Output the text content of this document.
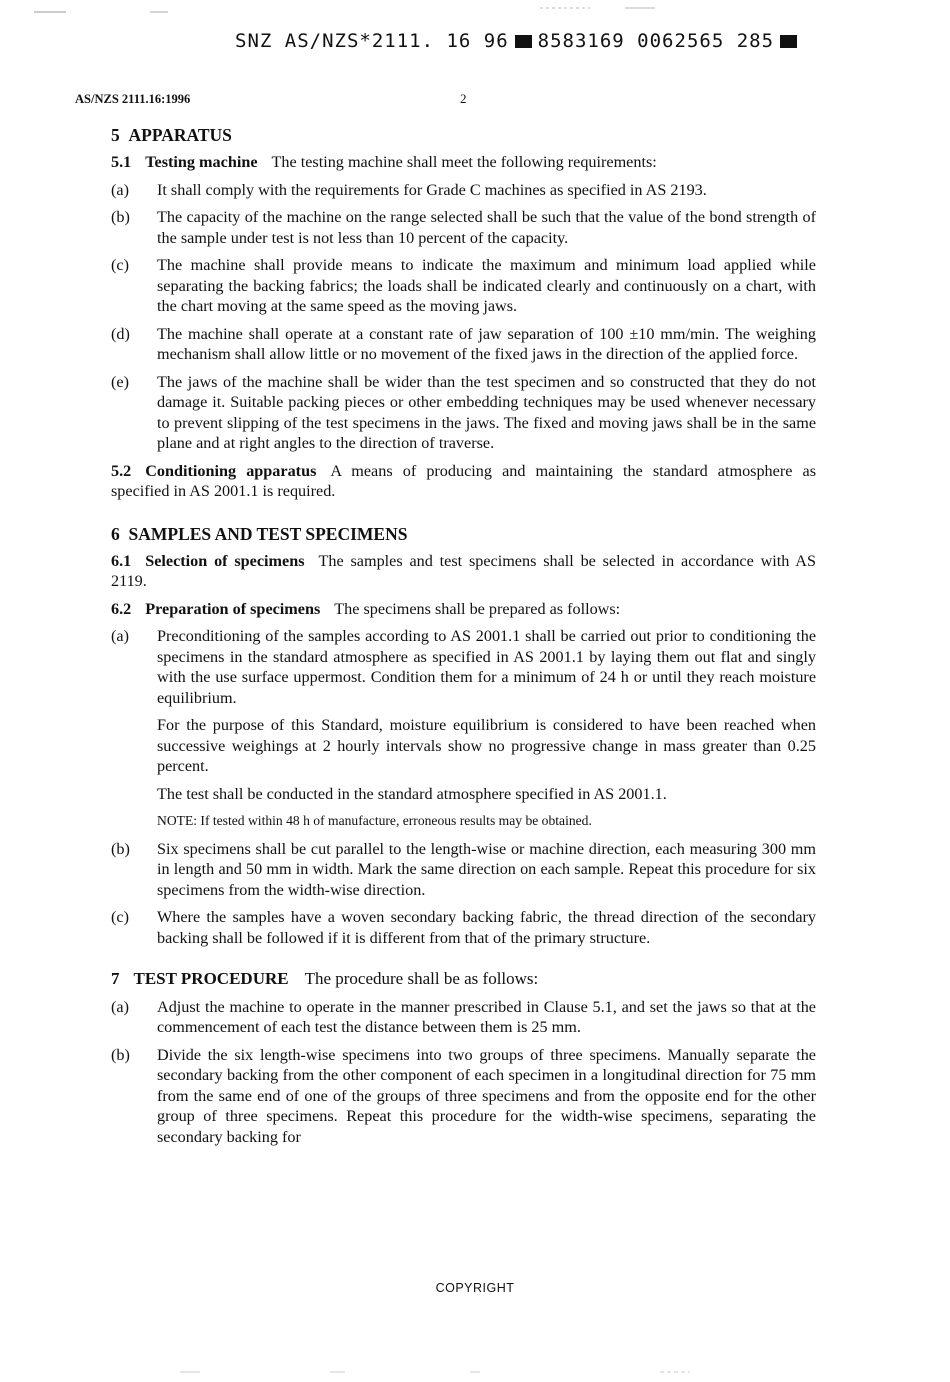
SNZ AS/NZS*2111. 16 96 8583169 0062565 285
AS/NZS 2111.16:1996	2
5 APPARATUS

5.1 Testing machine The testing machine shall meet the following requirements:

(a) It shall comply with the requirements for Grade C machines as specified in AS 2193.
(b) The capacity of the machine on the range selected shall be such that the value of the bond strength of the sample under test is not less than 10 percent of the capacity.
(c) The machine shall provide means to indicate the maximum and minimum load applied while separating the backing fabrics; the loads shall be indicated clearly and continuously on a chart, with the chart moving at the same speed as the moving jaws.
(d) The machine shall operate at a constant rate of jaw separation of 100 ±10 mm/min. The weighing mechanism shall allow little or no movement of the fixed jaws in the direction of the applied force.
(e) The jaws of the machine shall be wider than the test specimen and so constructed that they do not damage it. Suitable packing pieces or other embedding techniques may be used whenever necessary to prevent slipping of the test specimens in the jaws. The fixed and moving jaws shall be in the same plane and at right angles to the direction of traverse.

5.2 Conditioning apparatus A means of producing and maintaining the standard atmosphere as specified in AS 2001.1 is required.

6 SAMPLES AND TEST SPECIMENS

6.1 Selection of specimens The samples and test specimens shall be selected in accordance with AS 2119.

6.2 Preparation of specimens The specimens shall be prepared as follows:

(a) Preconditioning of the samples according to AS 2001.1 shall be carried out prior to conditioning the specimens in the standard atmosphere as specified in AS 2001.1 by laying them out flat and singly with the use surface uppermost. Condition them for a minimum of 24 h or until they reach moisture equilibrium.

For the purpose of this Standard, moisture equilibrium is considered to have been reached when successive weighings at 2 hourly intervals show no progressive change in mass greater than 0.25 percent.

The test shall be conducted in the standard atmosphere specified in AS 2001.1.

NOTE: If tested within 48 h of manufacture, erroneous results may be obtained.

(b) Six specimens shall be cut parallel to the length-wise or machine direction, each measuring 300 mm in length and 50 mm in width. Mark the same direction on each sample. Repeat this procedure for six specimens from the width-wise direction.
(c) Where the samples have a woven secondary backing fabric, the thread direction of the secondary backing shall be followed if it is different from that of the primary structure.

7 TEST PROCEDURE The procedure shall be as follows:

(a) Adjust the machine to operate in the manner prescribed in Clause 5.1, and set the jaws so that at the commencement of each test the distance between them is 25 mm.
(b) Divide the six length-wise specimens into two groups of three specimens. Manually separate the secondary backing from the other component of each specimen in a longitudinal direction for 75 mm from the same end of one of the groups of three specimens and from the opposite end for the other group of three specimens. Repeat this procedure for the width-wise specimens, separating the secondary backing for
COPYRIGHT
